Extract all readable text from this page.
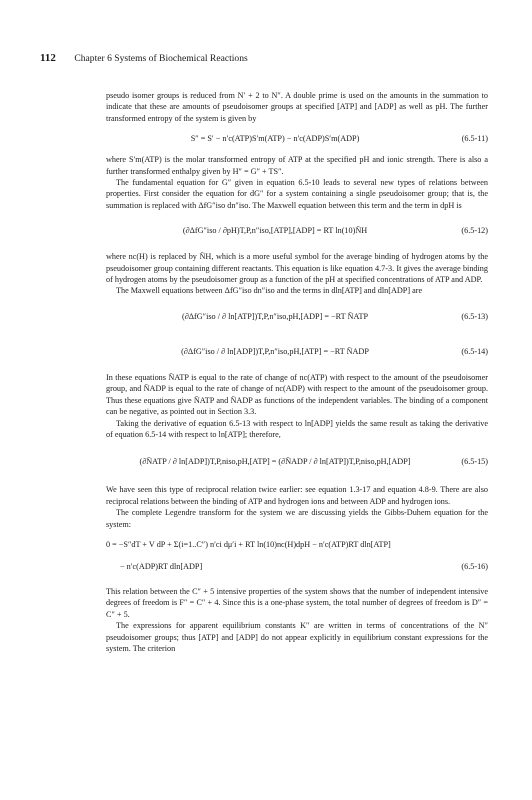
112 Chapter 6 Systems of Biochemical Reactions

pseudo isomer groups is reduced from N′ + 2 to N″. A double prime is used on the amounts in the summation to indicate that these are amounts of pseudoisomer groups at specified [ATP] and [ADP] as well as pH. The further transformed entropy of the system is given by

S″ = S′ − n′c(ATP)S′m(ATP) − n′c(ADP)S′m(ADP)	(6.5-11)

where S′m(ATP) is the molar transformed entropy of ATP at the specified pH and ionic strength. There is also a further transformed enthalpy given by H″ = G″ + TS″.

The fundamental equation for G″ given in equation 6.5-10 leads to several new types of relations between properties. First consider the equation for dG″ for a system containing a single pseudoisomer group; that is, the summation is replaced with ΔfG″iso dn″iso. The Maxwell equation between this term and the term in dpH is

(∂ΔfG″iso / ∂pH)T,P,n″iso,[ATP],[ADP] = RT ln(10)N̄H	(6.5-12)

where nc(H) is replaced by N̄H, which is a more useful symbol for the average binding of hydrogen atoms by the pseudoisomer group containing different reactants. This equation is like equation 4.7-3. It gives the average binding of hydrogen atoms by the pseudoisomer group as a function of the pH at specified concentrations of ATP and ADP.

The Maxwell equations between ΔfG″iso dn″iso and the terms in dln[ATP] and dln[ADP] are

(∂ΔfG″iso / ∂ ln[ATP])T,P,n″iso,pH,[ADP] = −RT N̄ATP	(6.5-13)
(∂ΔfG″iso / ∂ ln[ADP])T,P,n″iso,pH,[ATP] = −RT N̄ADP	(6.5-14)

In these equations N̄ATP is equal to the rate of change of nc(ATP) with respect to the amount of the pseudoisomer group, and N̄ADP is equal to the rate of change of nc(ADP) with respect to the amount of the pseudoisomer group. Thus these equations give N̄ATP and N̄ADP as functions of the independent variables. The binding of a component can be negative, as pointed out in Section 3.3.

Taking the derivative of equation 6.5-13 with respect to ln[ADP] yields the same result as taking the derivative of equation 6.5-14 with respect to ln[ATP]; therefore,

(∂N̄ATP / ∂ ln[ADP])T,P,niso,pH,[ATP] = (∂N̄ADP / ∂ ln[ATP])T,P,niso,pH,[ADP]	(6.5-15)

We have seen this type of reciprocal relation twice earlier: see equation 1.3-17 and equation 4.8-9. There are also reciprocal relations between the binding of ATP and hydrogen ions and between ADP and hydrogen ions.

The complete Legendre transform for the system we are discussing yields the Gibbs-Duhem equation for the system:

0 = −S″dT + V dP + Σ(i=1..C″) n′ci dμ′i + RT ln(10)nc(H)dpH − n′c(ATP)RT dln[ATP]
− n′c(ADP)RT dln[ADP]	(6.5-16)

This relation between the C″ + 5 intensive properties of the system shows that the number of independent intensive degrees of freedom is F″ = C″ + 4. Since this is a one-phase system, the total number of degrees of freedom is D″ = C″ + 5.

The expressions for apparent equilibrium constants K″ are written in terms of concentrations of the N″ pseudoisomer groups; thus [ATP] and [ADP] do not appear explicitly in equilibrium constant expressions for the system. The criterion
